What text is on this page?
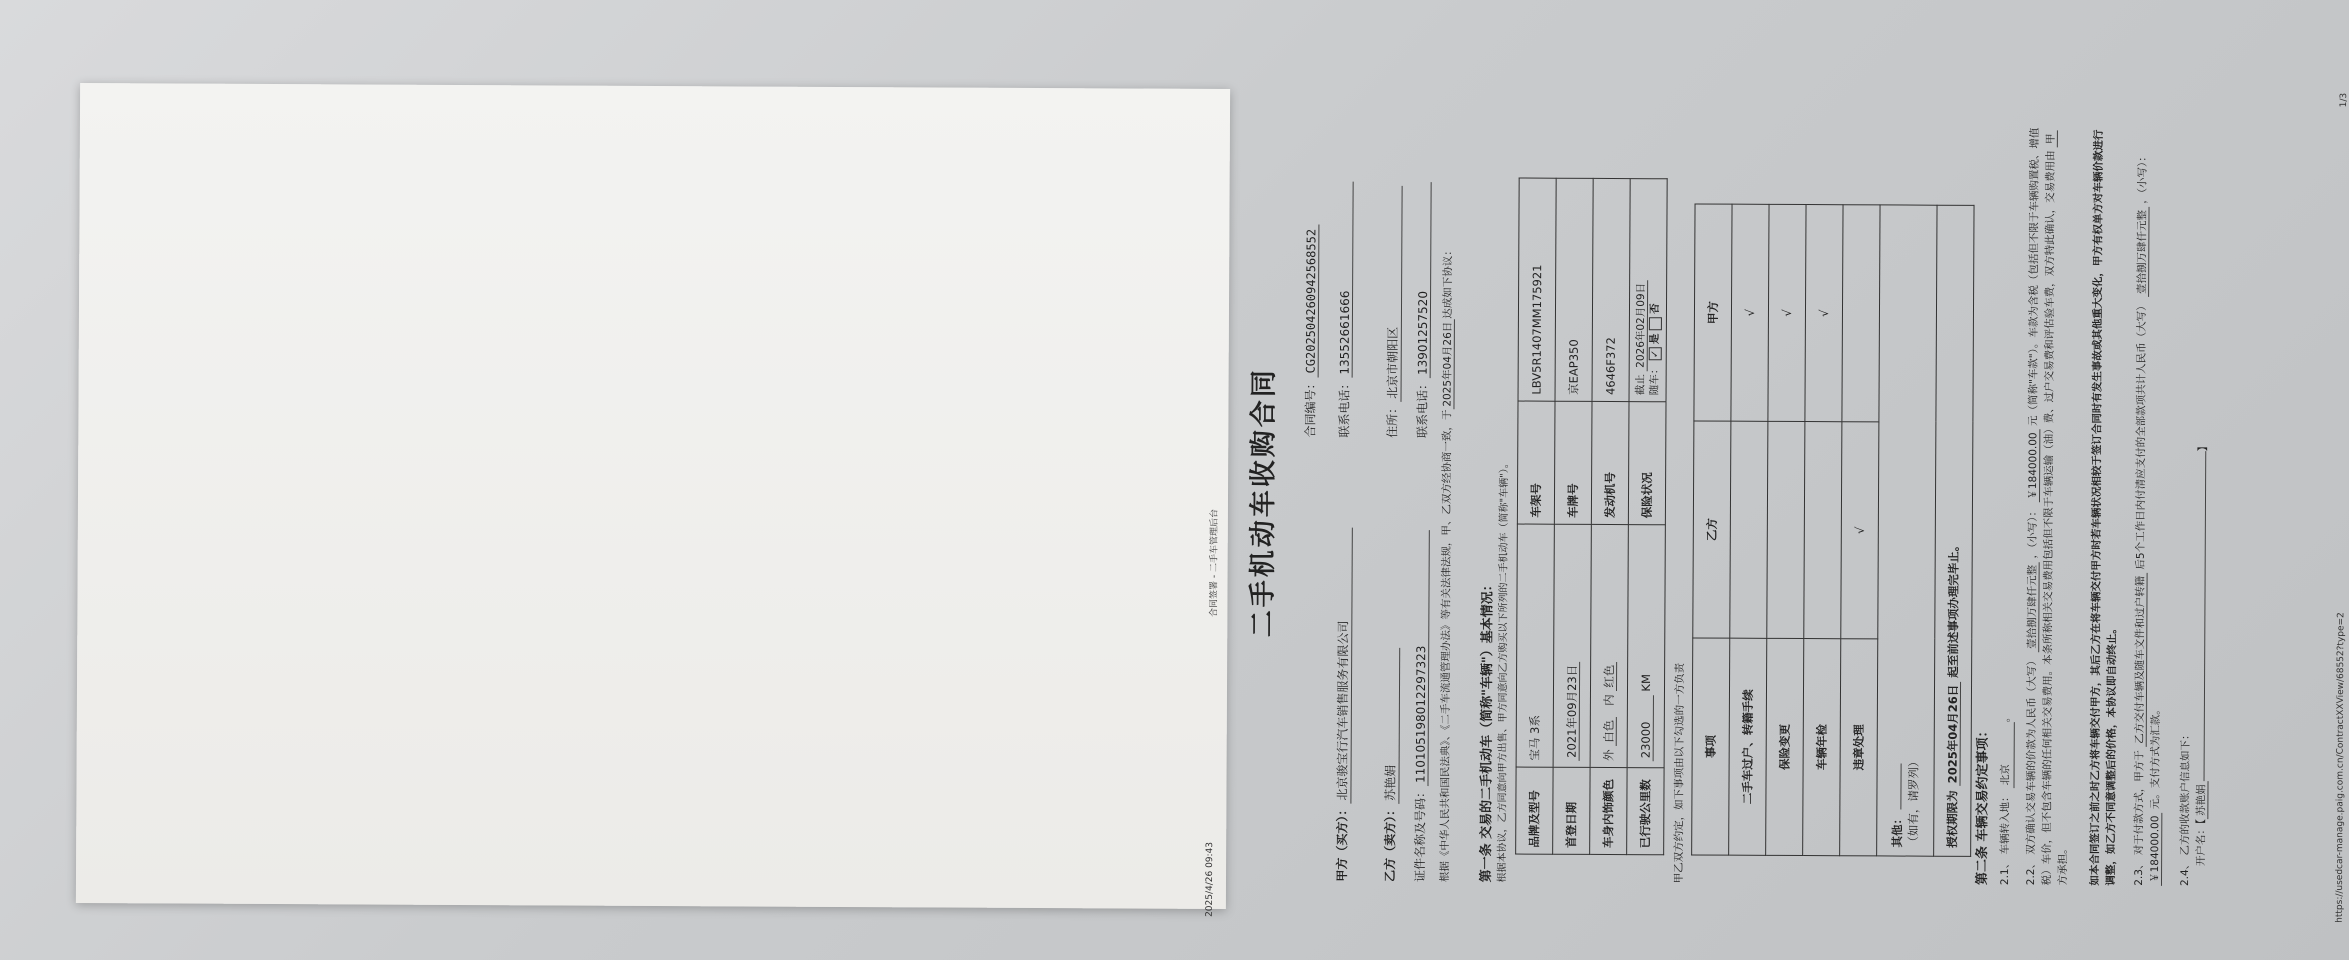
2025/4/26 09:43
合同签署 - 二手车管理后台	二手机动车收购合同 合同编号：CG20250426094256855​2
甲方（买方）：北京骏宝行汽车销售服务有限公司
联系电话：13552661666
乙方（卖方）：苏艳娟
住所：北京市朝阳区
证件名称及号码：110105198012297323
联系电话：13901257520
根据《中华人民共和国民法典》、《二手车流通管理办法》等有关法律法规，甲、乙双方经协商一致，于2025年04月26日达成如下协议：
第一条 交易的二手机动车（简称"车辆"）基本情况： 根据本协议，乙方同意向甲方出售、甲方同意向乙方购买以下所列的二手机动车（简称"车辆"）。	品牌及型号	宝马 3系	车架号	LBV5R1407MM175921
首登日期	2021年09月23日	车牌号	京EAP350
车身内饰颜色	外 白色   内 红色	发动机号	4646F372
已行驶公里数	23000 KM	保险状况	截止 2026年02月09日
随车： ✓ 是  否
甲乙双方约定，如下事项由以下勾选的一方负责 事项	乙方	甲方
二手车过户、转籍手续		√
保险变更		√
车辆年检		√
违章处理	√	
其他： （如有，请罗列）		
授权期限为 2025年04月26日 起至前述事项办理完毕止。		
第二条 车辆交易约定事项： 2.1、 车辆转入地： 北京。
2.2、 双方确认交易车辆的价款为人民币（大写） 壹拾捌万肆仟元整 ，（小写）： ￥184000.00 元（简称"车款"）。车款为含税（包括但不限于车辆购置税、增值税）车价，但不包含车辆的任何相关交易费用。本条所称相关交易费用包括但不限于车辆运输（油）费、过户交易费和评估验车费，双方特此确认，交易费用由 甲 方承担。	如本合同签订之前之时乙方将车辆交付甲方，其后乙方在将车辆交付甲方时若车辆状况相较于签订合同时有发生事故或其他重大变化，甲方有权单方对车辆价款进行调整，如乙方不同意调整后的价格，本协议即自动终止。	2.3、 对于付款方式，甲方于 乙方交付车辆及随车文件和过户转籍 后5个工作日内付清应支付的全部款项共计人民币（大写） 壹拾捌万肆仟元整 ，（小写）： ￥184000.00 元。支付方式为汇款。
2.4、 乙方的收款账户信息如下： 开户名：【苏艳娟】
https://usedcar-manage.paig.com.cn/ContractXXView/68552?type=2
1/3
